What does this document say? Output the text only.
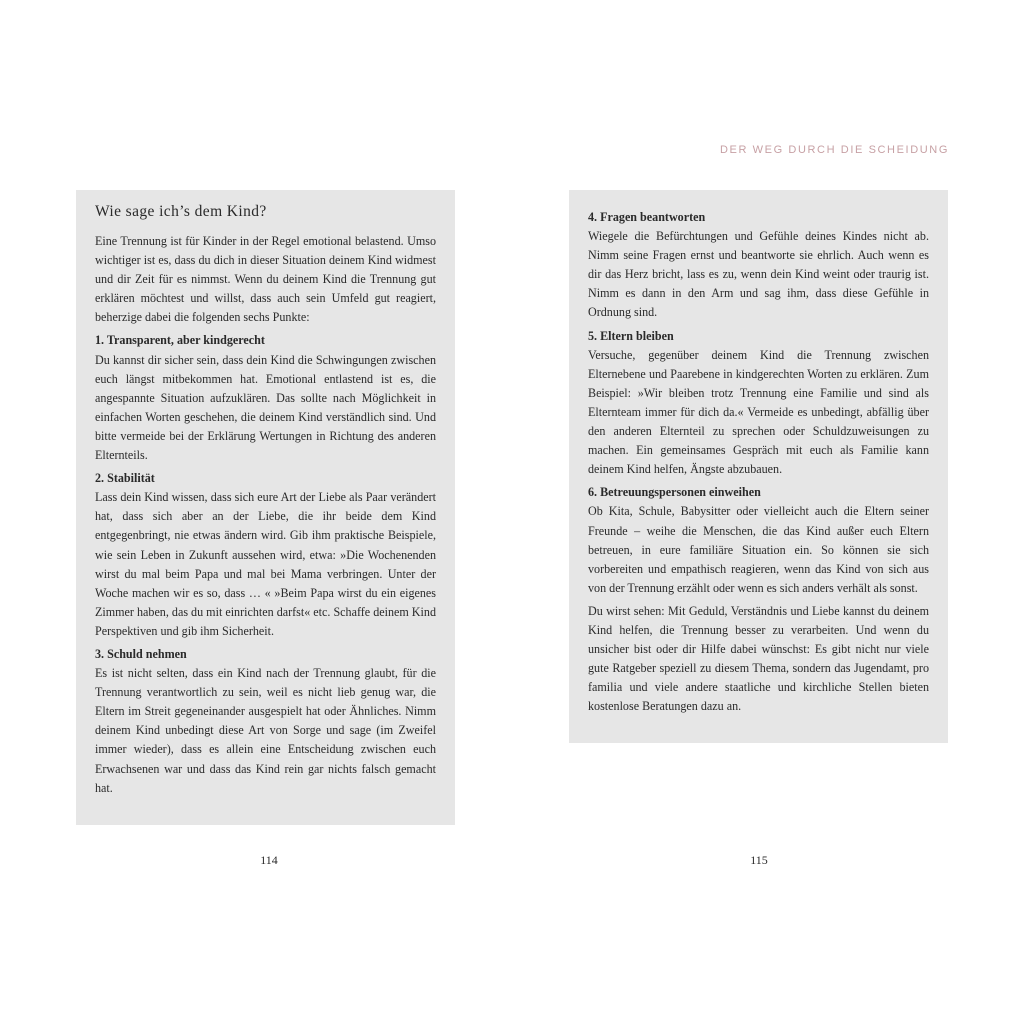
DER WEG DURCH DIE SCHEIDUNG
Wie sage ich’s dem Kind?

Eine Trennung ist für Kinder in der Regel emotional belastend. Umso wichtiger ist es, dass du dich in dieser Situation deinem Kind widmest und dir Zeit für es nimmst. Wenn du deinem Kind die Trennung gut erklären möchtest und willst, dass auch sein Umfeld gut reagiert, beherzige dabei die folgenden sechs Punkte:

1. Transparent, aber kindgerecht

Du kannst dir sicher sein, dass dein Kind die Schwingungen zwischen euch längst mitbekommen hat. Emotional entlastend ist es, die angespannte Situation aufzuklären. Das sollte nach Möglichkeit in einfachen Worten geschehen, die deinem Kind verständlich sind. Und bitte vermeide bei der Erklärung Wertungen in Richtung des anderen Elternteils.

2. Stabilität

Lass dein Kind wissen, dass sich eure Art der Liebe als Paar verändert hat, dass sich aber an der Liebe, die ihr beide dem Kind entgegenbringt, nie etwas ändern wird. Gib ihm praktische Beispiele, wie sein Leben in Zukunft aussehen wird, etwa: »Die Wochenenden wirst du mal beim Papa und mal bei Mama verbringen. Unter der Woche machen wir es so, dass … « »Beim Papa wirst du ein eigenes Zimmer haben, das du mit einrichten darfst« etc. Schaffe deinem Kind Perspektiven und gib ihm Sicherheit.

3. Schuld nehmen

Es ist nicht selten, dass ein Kind nach der Trennung glaubt, für die Trennung verantwortlich zu sein, weil es nicht lieb genug war, die Eltern im Streit gegeneinander ausgespielt hat oder Ähnliches. Nimm deinem Kind unbedingt diese Art von Sorge und sage (im Zweifel immer wieder), dass es allein eine Entscheidung zwischen euch Erwachsenen war und dass das Kind rein gar nichts falsch gemacht hat.

4. Fragen beantworten

Wiegele die Befürchtungen und Gefühle deines Kindes nicht ab. Nimm seine Fragen ernst und beantworte sie ehrlich. Auch wenn es dir das Herz bricht, lass es zu, wenn dein Kind weint oder traurig ist. Nimm es dann in den Arm und sag ihm, dass diese Gefühle in Ordnung sind.

5. Eltern bleiben

Versuche, gegenüber deinem Kind die Trennung zwischen Elternebene und Paarebene in kindgerechten Worten zu erklären. Zum Beispiel: »Wir bleiben trotz Trennung eine Familie und sind als Elternteam immer für dich da.« Vermeide es unbedingt, abfällig über den anderen Elternteil zu sprechen oder Schuldzuweisungen zu machen. Ein gemeinsames Gespräch mit euch als Familie kann deinem Kind helfen, Ängste abzubauen.

6. Betreuungspersonen einweihen

Ob Kita, Schule, Babysitter oder vielleicht auch die Eltern seiner Freunde – weihe die Menschen, die das Kind außer euch Eltern betreuen, in eure familiäre Situation ein. So können sie sich vorbereiten und empathisch reagieren, wenn das Kind von sich aus von der Trennung erzählt oder wenn es sich anders verhält als sonst.

Du wirst sehen: Mit Geduld, Verständnis und Liebe kannst du deinem Kind helfen, die Trennung besser zu verarbeiten. Und wenn du unsicher bist oder dir Hilfe dabei wünschst: Es gibt nicht nur viele gute Ratgeber speziell zu diesem Thema, sondern das Jugendamt, pro familia und viele andere staatliche und kirchliche Stellen bieten kostenlose Beratungen dazu an.

114	115
